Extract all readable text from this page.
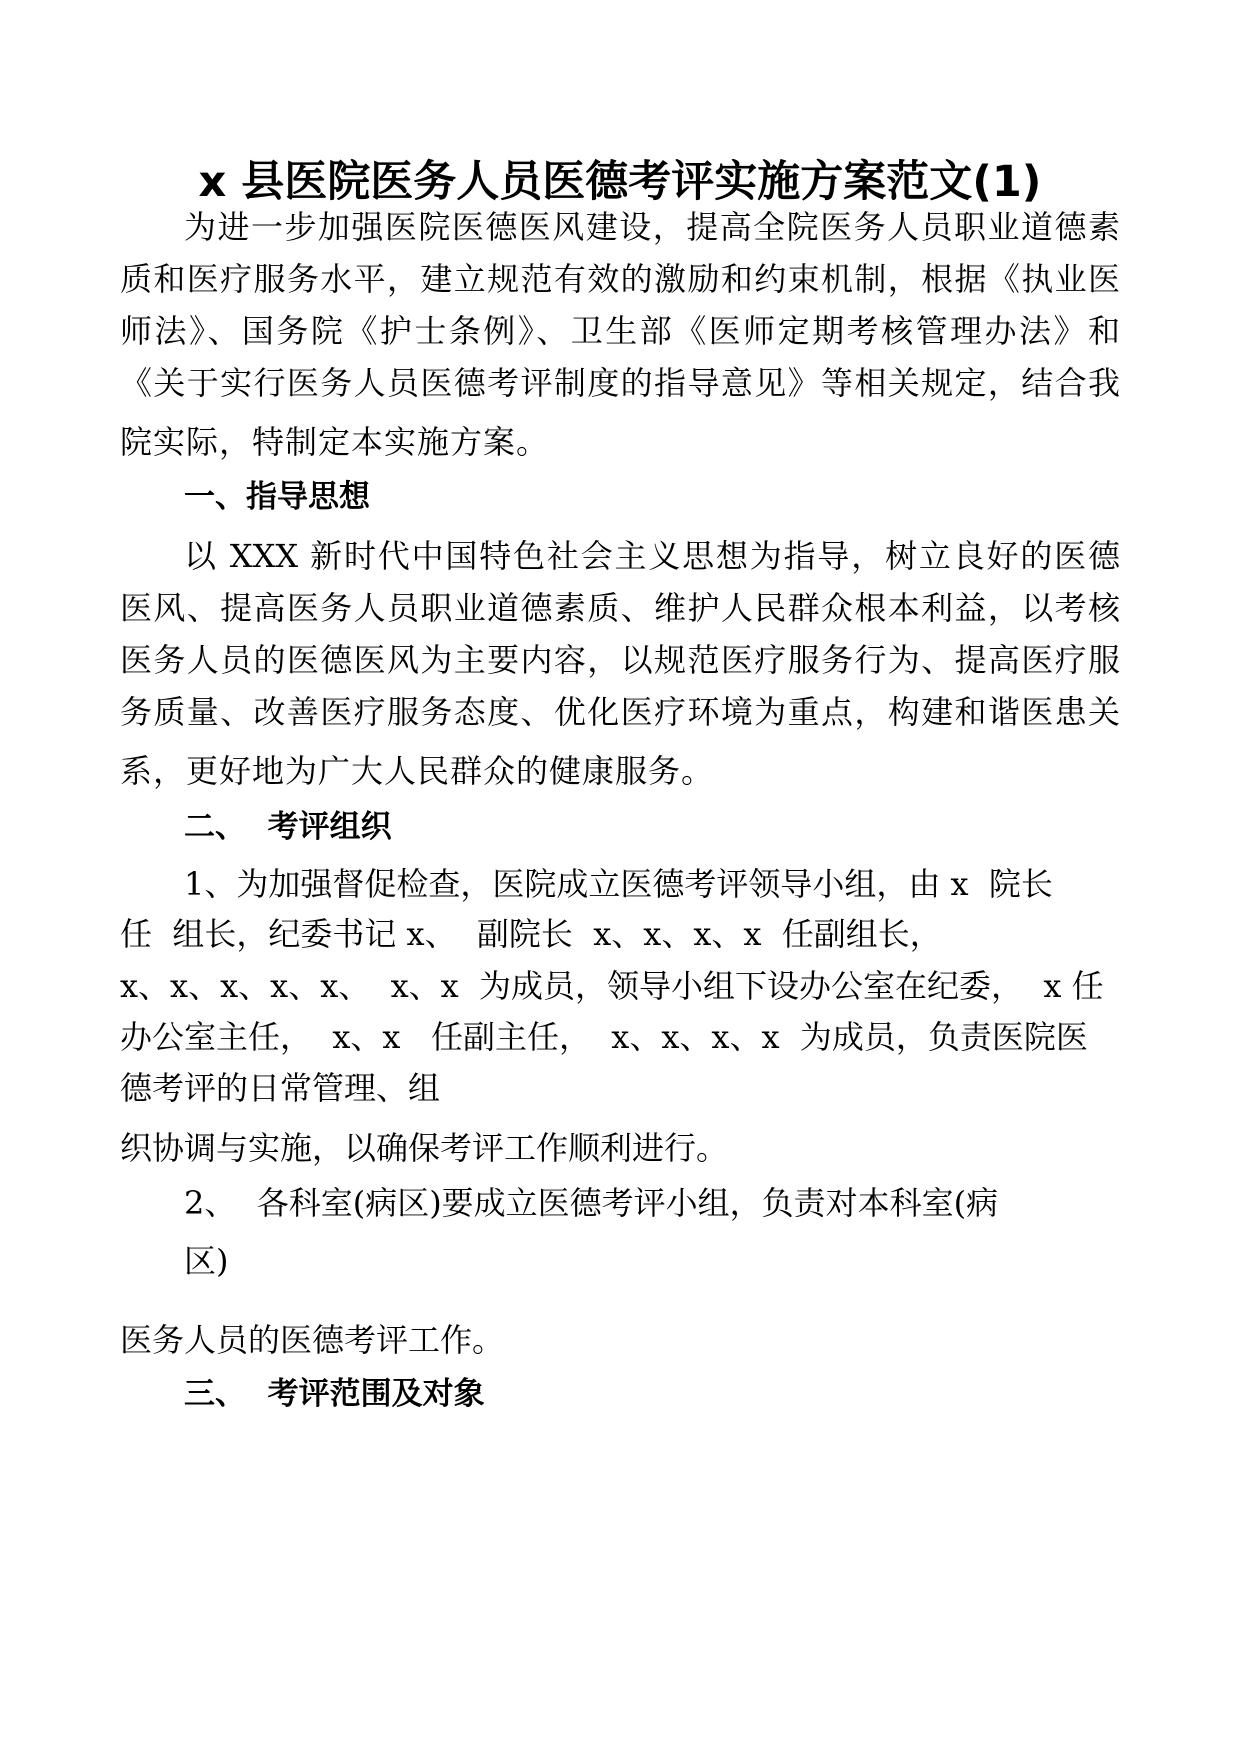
x 县医院医务人员医德考评实施方案范文(1)
为进一步加强医院医德医风建设，提高全院医务人员职业道德素
质和医疗服务水平，建立规范有效的激励和约束机制，根据《执业医
师法》、国务院《护士条例》、卫生部《医师定期考核管理办法》和
《关于实行医务人员医德考评制度的指导意见》等相关规定，结合我
院实际，特制定本实施方案。
一、指导思想
以 XXX 新时代中国特色社会主义思想为指导，树立良好的医德
医风、提高医务人员职业道德素质、维护人民群众根本利益，以考核
医务人员的医德医风为主要内容，以规范医疗服务行为、提高医疗服
务质量、改善医疗服务态度、优化医疗环境为重点，构建和谐医患关
系，更好地为广大人民群众的健康服务。
二、  考评组织
1、为加强督促检查，医院成立医德考评领导小组，由 x  院长
任  组长，纪委书记 x、  副院长  x、x、x、x  任副组长，
x、x、x、x、x、  x、x  为成员，领导小组下设办公室在纪委，  x 任
办公室主任，  x、x   任副主任，  x、x、x、x  为成员，负责医院医
德考评的日常管理、组
织协调与实施，以确保考评工作顺利进行。
2、  各科室(病区)要成立医德考评小组，负责对本科室(病
区)
医务人员的医德考评工作。
三、  考评范围及对象
